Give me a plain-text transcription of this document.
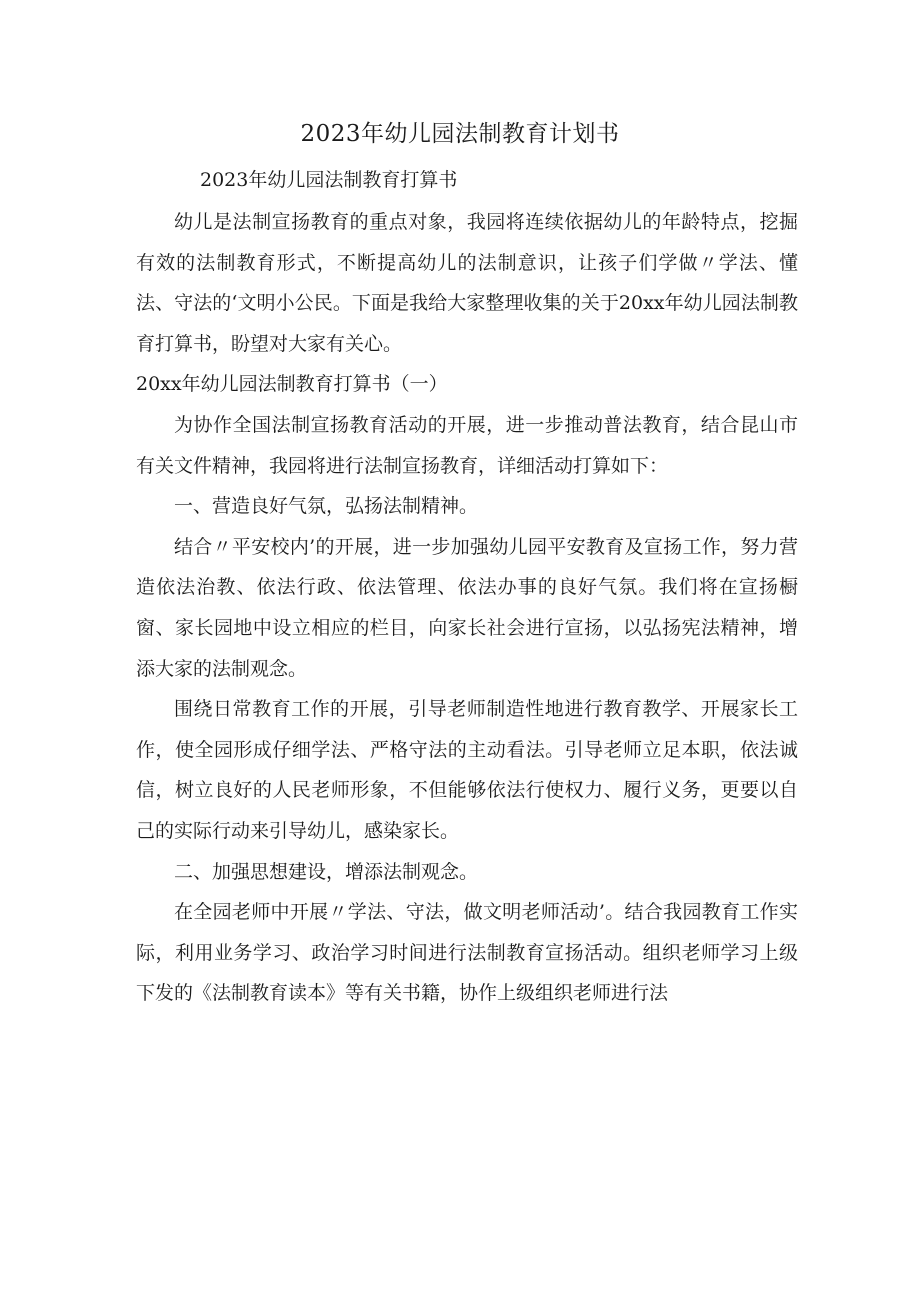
2023年幼儿园法制教育计划书

2023年幼儿园法制教育打算书

幼儿是法制宣扬教育的重点对象，我园将连续依据幼儿的年龄特点，挖掘有效的法制教育形式，不断提高幼儿的法制意识，让孩子们学做〃学法、懂法、守法的‘文明小公民。下面是我给大家整理收集的关于20xx年幼儿园法制教育打算书，盼望对大家有关心。

20xx年幼儿园法制教育打算书（一）

为协作全国法制宣扬教育活动的开展，进一步推动普法教育，结合昆山市有关文件精神，我园将进行法制宣扬教育，详细活动打算如下：

一、营造良好气氛，弘扬法制精神。

结合〃平安校内’的开展，进一步加强幼儿园平安教育及宣扬工作，努力营造依法治教、依法行政、依法管理、依法办事的良好气氛。我们将在宣扬橱窗、家长园地中设立相应的栏目，向家长社会进行宣扬，以弘扬宪法精神，增添大家的法制观念。

围绕日常教育工作的开展，引导老师制造性地进行教育教学、开展家长工作，使全园形成仔细学法、严格守法的主动看法。引导老师立足本职，依法诚信，树立良好的人民老师形象，不但能够依法行使权力、履行义务，更要以自己的实际行动来引导幼儿，感染家长。

二、加强思想建设，增添法制观念。

在全园老师中开展〃学法、守法，做文明老师活动’。结合我园教育工作实际，利用业务学习、政治学习时间进行法制教育宣扬活动。组织老师学习上级下发的《法制教育读本》等有关书籍，协作上级组织老师进行法
